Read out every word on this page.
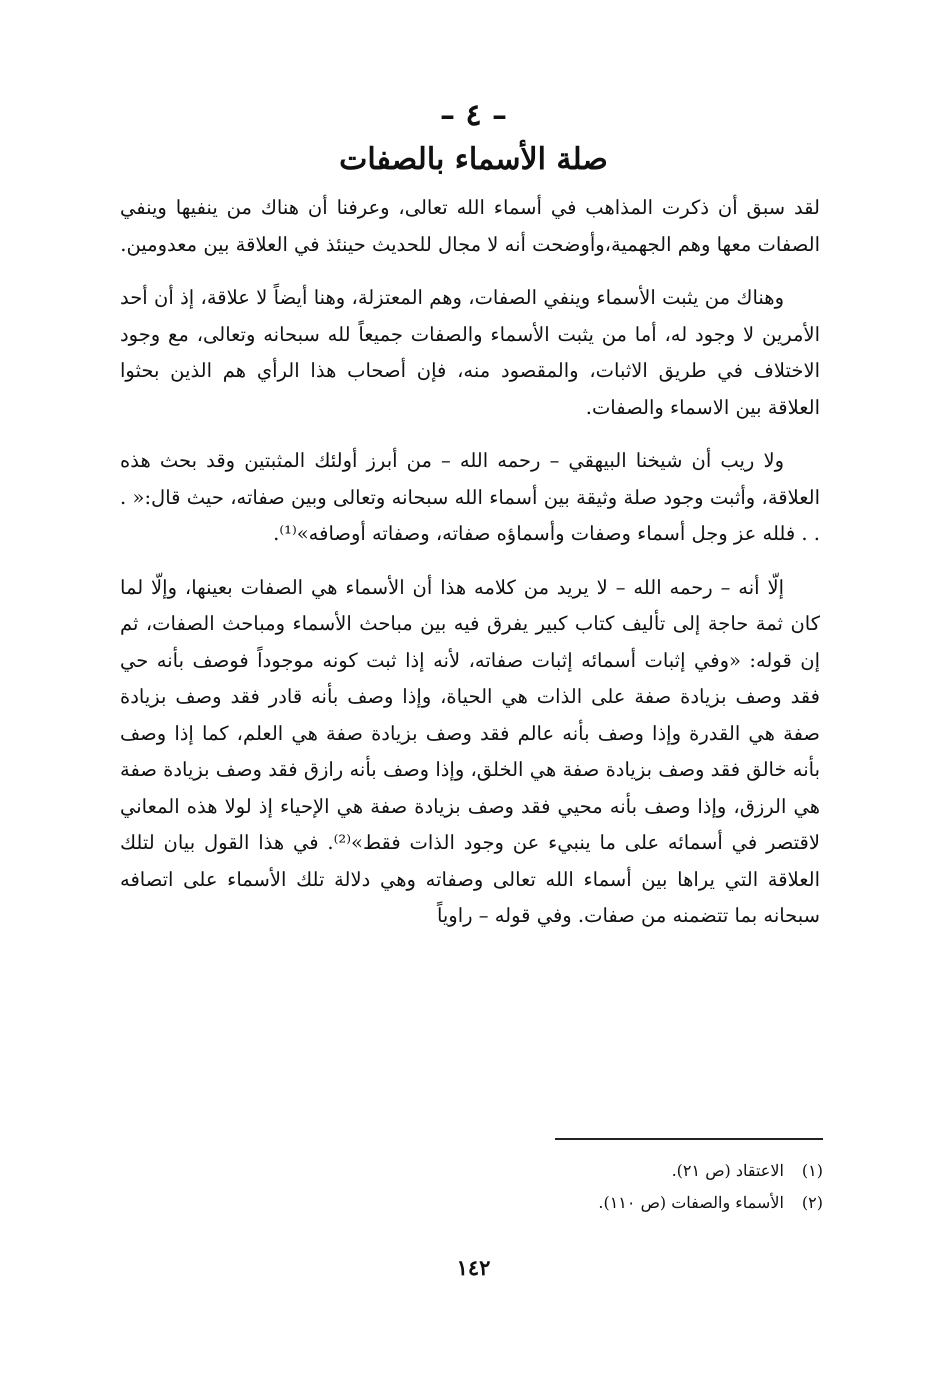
– ٤ –
صلة الأسماء بالصفات

لقد سبق أن ذكرت المذاهب في أسماء الله تعالى، وعرفنا أن هناك من ينفيها وينفي الصفات معها وهم الجهمية،وأوضحت أنه لا مجال للحديث حينئذ في العلاقة بين معدومين.

وهناك من يثبت الأسماء وينفي الصفات، وهم المعتزلة، وهنا أيضاً لا علاقة، إذ أن أحد الأمرين لا وجود له، أما من يثبت الأسماء والصفات جميعاً لله سبحانه وتعالى، مع وجود الاختلاف في طريق الاثبات، والمقصود منه، فإن أصحاب هذا الرأي هم الذين بحثوا العلاقة بين الاسماء والصفات.

ولا ريب أن شيخنا البيهقي – رحمه الله – من أبرز أولئك المثبتين وقد بحث هذه العلاقة، وأثبت وجود صلة وثيقة بين أسماء الله سبحانه وتعالى وبين صفاته، حيث قال:« . . . فلله عز وجل أسماء وصفات وأسماؤه صفاته، وصفاته أوصافه»⁽¹⁾.

إلّا أنه – رحمه الله – لا يريد من كلامه هذا أن الأسماء هي الصفات بعينها، وإلّا لما كان ثمة حاجة إلى تأليف كتاب كبير يفرق فيه بين مباحث الأسماء ومباحث الصفات، ثم إن قوله: «وفي إثبات أسمائه إثبات صفاته، لأنه إذا ثبت كونه موجوداً فوصف بأنه حي فقد وصف بزيادة صفة على الذات هي الحياة، وإذا وصف بأنه قادر فقد وصف بزيادة صفة هي القدرة وإذا وصف بأنه عالم فقد وصف بزيادة صفة هي العلم، كما إذا وصف بأنه خالق فقد وصف بزيادة صفة هي الخلق، وإذا وصف بأنه رازق فقد وصف بزيادة صفة هي الرزق، وإذا وصف بأنه محيي فقد وصف بزيادة صفة هي الإحياء إذ لولا هذه المعاني لاقتصر في أسمائه على ما ينبيء عن وجود الذات فقط»⁽²⁾. في هذا القول بيان لتلك العلاقة التي يراها بين أسماء الله تعالى وصفاته وهي دلالة تلك الأسماء على اتصافه سبحانه بما تتضمنه من صفات. وفي قوله – راوياً

(١)الاعتقاد (ص ٢١).
(٢)الأسماء والصفات (ص ١١٠).
١٤٢
